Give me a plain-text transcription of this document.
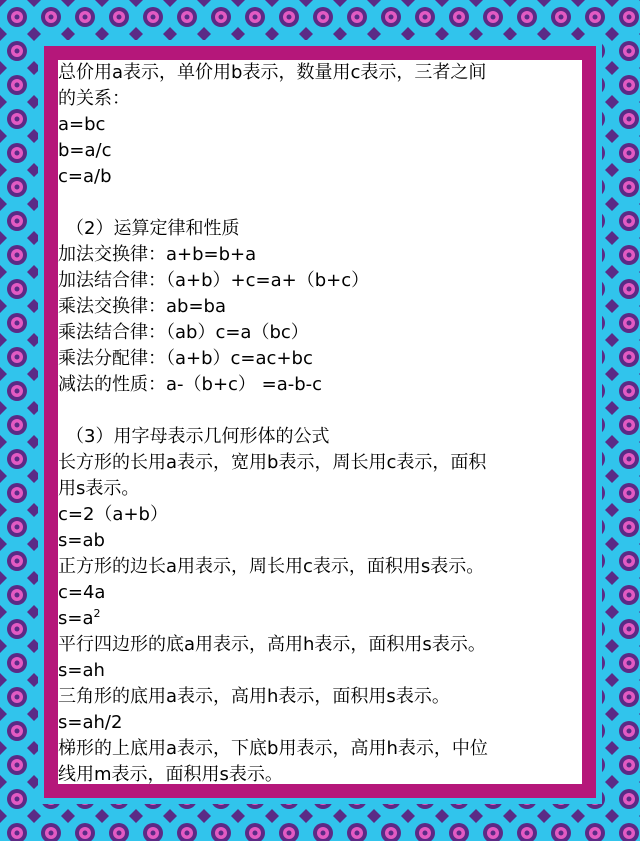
总价用a表示，单价用b表示，数量用c表示，三者之间
的关系：
a=bc
b=a/c
c=a/b
（2）运算定律和性质
加法交换律：a+b=b+a
加法结合律：（a+b）+c=a+（b+c）
乘法交换律：ab=ba
乘法结合律：（ab）c=a（bc）
乘法分配律：（a+b）c=ac+bc
减法的性质：a-（b+c） =a-b-c
（3）用字母表示几何形体的公式
长方形的长用a表示，宽用b表示，周长用c表示，面积
用s表示。
c=2（a+b）
s=ab
正方形的边长a用表示，周长用c表示，面积用s表示。
c=4a
$s=a^2$
平行四边形的底a用表示，高用h表示，面积用s表示。
s=ah
三角形的底用a表示，高用h表示，面积用s表示。
s=ah/2
梯形的上底用a表示，下底b用表示，高用h表示，中位
线用m表示，面积用s表示。
